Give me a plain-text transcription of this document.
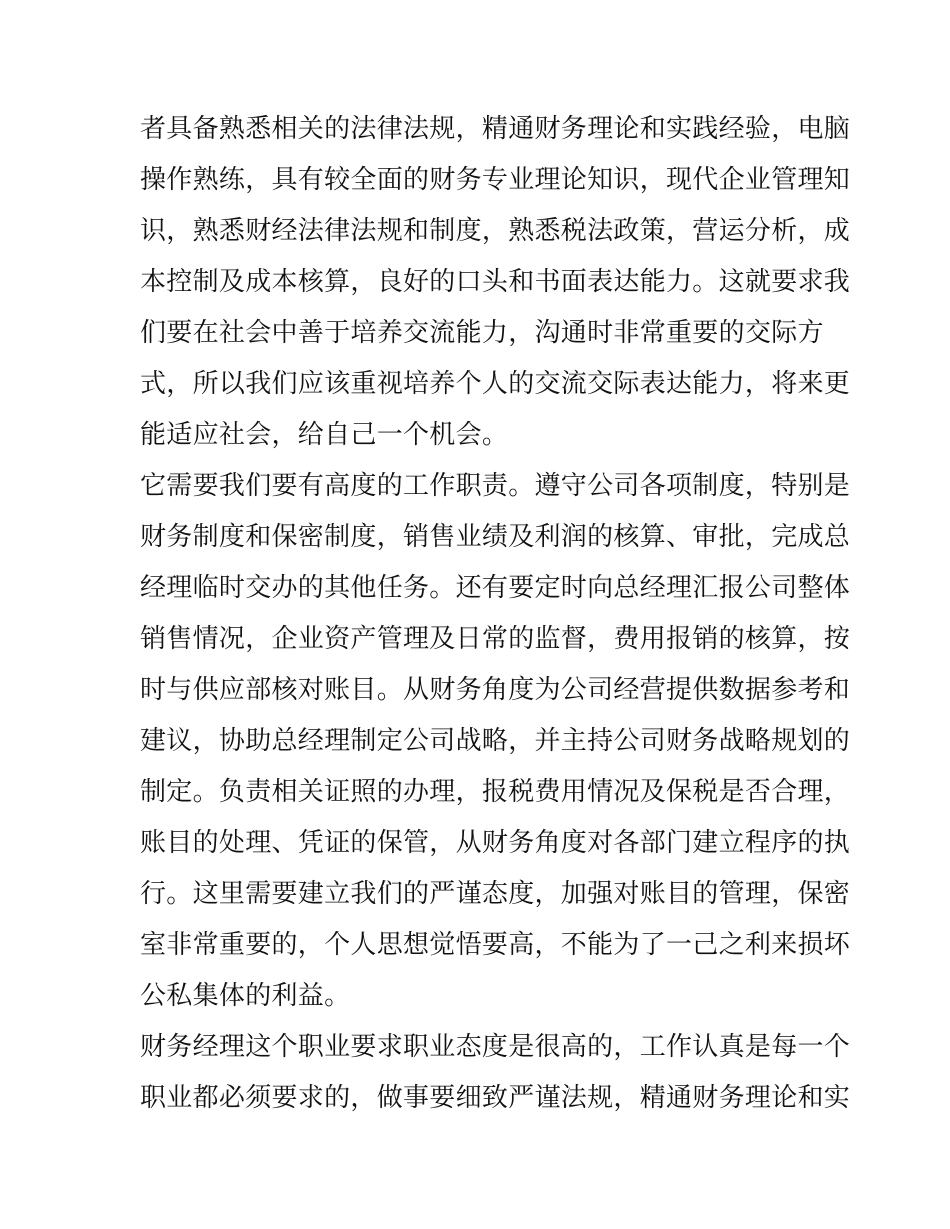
者具备熟悉相关的法律法规，精通财务理论和实践经验，电脑
操作熟练，具有较全面的财务专业理论知识，现代企业管理知
识，熟悉财经法律法规和制度，熟悉税法政策，营运分析，成
本控制及成本核算，良好的口头和书面表达能力。这就要求我
们要在社会中善于培养交流能力，沟通时非常重要的交际方
式，所以我们应该重视培养个人的交流交际表达能力，将来更
能适应社会，给自己一个机会。
它需要我们要有高度的工作职责。遵守公司各项制度，特别是
财务制度和保密制度，销售业绩及利润的核算、审批，完成总
经理临时交办的其他任务。还有要定时向总经理汇报公司整体
销售情况，企业资产管理及日常的监督，费用报销的核算，按
时与供应部核对账目。从财务角度为公司经营提供数据参考和
建议，协助总经理制定公司战略，并主持公司财务战略规划的
制定。负责相关证照的办理，报税费用情况及保税是否合理，
账目的处理、凭证的保管，从财务角度对各部门建立程序的执
行。这里需要建立我们的严谨态度，加强对账目的管理，保密
室非常重要的，个人思想觉悟要高，不能为了一己之利来损坏
公私集体的利益。
财务经理这个职业要求职业态度是很高的，工作认真是每一个
职业都必须要求的，做事要细致严谨法规，精通财务理论和实
